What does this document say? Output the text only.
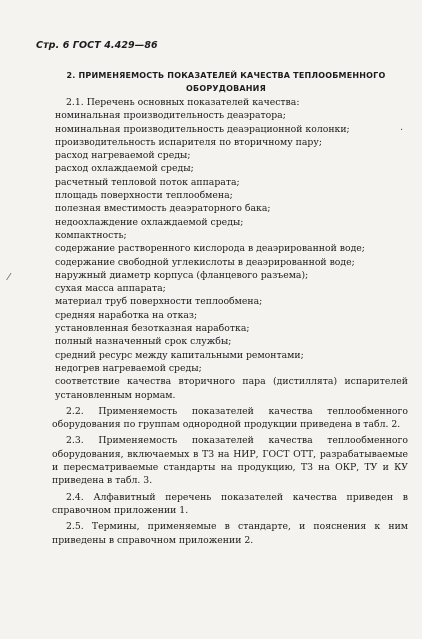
Стр. 6 ГОСТ 4.429—86
2. ПРИМЕНЯЕМОСТЬ ПОКАЗАТЕЛЕЙ КАЧЕСТВА ТЕПЛООБМЕННОГО
ОБОРУДОВАНИЯ
2.1. Перечень основных показателей качества:
номинальная производительность деаэратора;
номинальная производительность деаэрационной колонки;
производительность испарителя по вторичному пару;
расход нагреваемой среды;
расход охлаждаемой среды;
расчетный тепловой поток аппарата;
площадь поверхности теплообмена;
полезная вместимость деаэраторного бака;
недоохлаждение охлаждаемой среды;
компактность;
содержание растворенного кислорода в деаэрированной воде;
содержание свободной углекислоты в деаэрированной воде;
наружный диаметр корпуса (фланцевого разъема);
сухая масса аппарата;
материал труб поверхности теплообмена;
средняя наработка на отказ;
установленная безотказная наработка;
полный назначенный срок службы;
средний ресурс между капитальными ремонтами;
недогрев нагреваемой среды;
соответствие качества вторичного пара (дистиллята) испарителей установленным нормам.
2.2. Применяемость показателей качества теплообменного оборудования по группам однородной продукции приведена в табл. 2.
2.3. Применяемость показателей качества теплообменного оборудования, включаемых в ТЗ на НИР, ГОСТ ОТТ, разрабатываемые и пересматриваемые стандарты на продукцию, ТЗ на ОКР, ТУ и КУ приведена в табл. 3.
2.4. Алфавитный перечень показателей качества приведен в справочном приложении 1.
2.5. Термины, применяемые в стандарте, и пояснения к ним приведены в справочном приложении 2.
·
⁄
